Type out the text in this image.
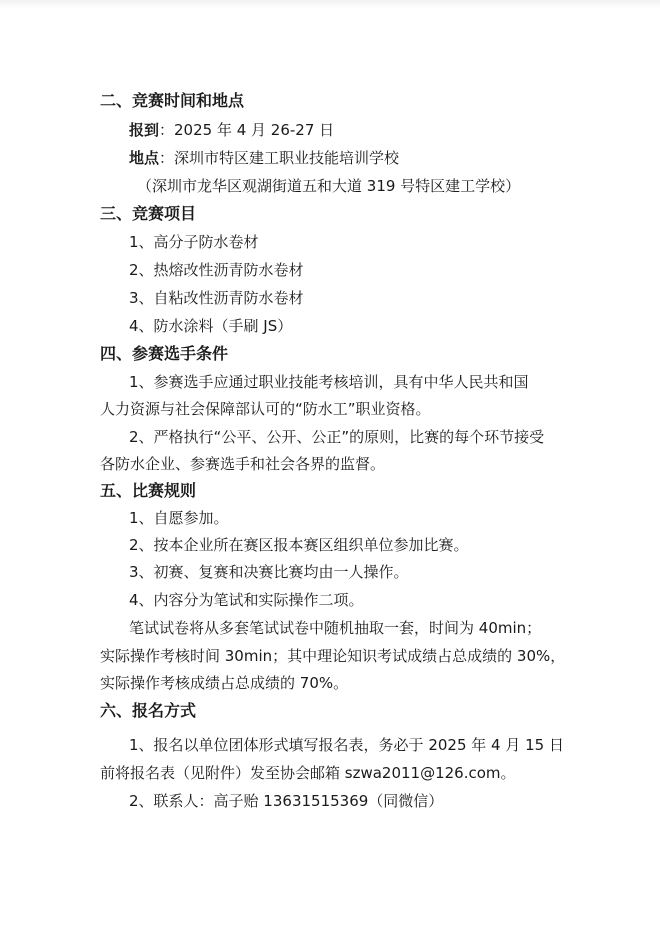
二、竞赛时间和地点
报到：2025 年 4 月 26-27 日
地点：深圳市特区建工职业技能培训学校
（深圳市龙华区观湖街道五和大道 319 号特区建工学校）
三、竞赛项目
1、高分子防水卷材
2、热熔改性沥青防水卷材
3、自粘改性沥青防水卷材
4、防水涂料（手刷 JS）
四、参赛选手条件
1、参赛选手应通过职业技能考核培训，具有中华人民共和国
人力资源与社会保障部认可的“防水工”职业资格。
2、严格执行“公平、公开、公正”的原则，比赛的每个环节接受
各防水企业、参赛选手和社会各界的监督。
五、比赛规则
1、自愿参加。
2、按本企业所在赛区报本赛区组织单位参加比赛。
3、初赛、复赛和决赛比赛均由一人操作。
4、内容分为笔试和实际操作二项。
笔试试卷将从多套笔试试卷中随机抽取一套，时间为 40min；
实际操作考核时间 30min；其中理论知识考试成绩占总成绩的 30%，
实际操作考核成绩占总成绩的 70%。
六、报名方式
1、报名以单位团体形式填写报名表，务必于 2025 年 4 月 15 日
前将报名表（见附件）发至协会邮箱 szwa2011@126.com。
2、联系人：高子贻 13631515369（同微信）
